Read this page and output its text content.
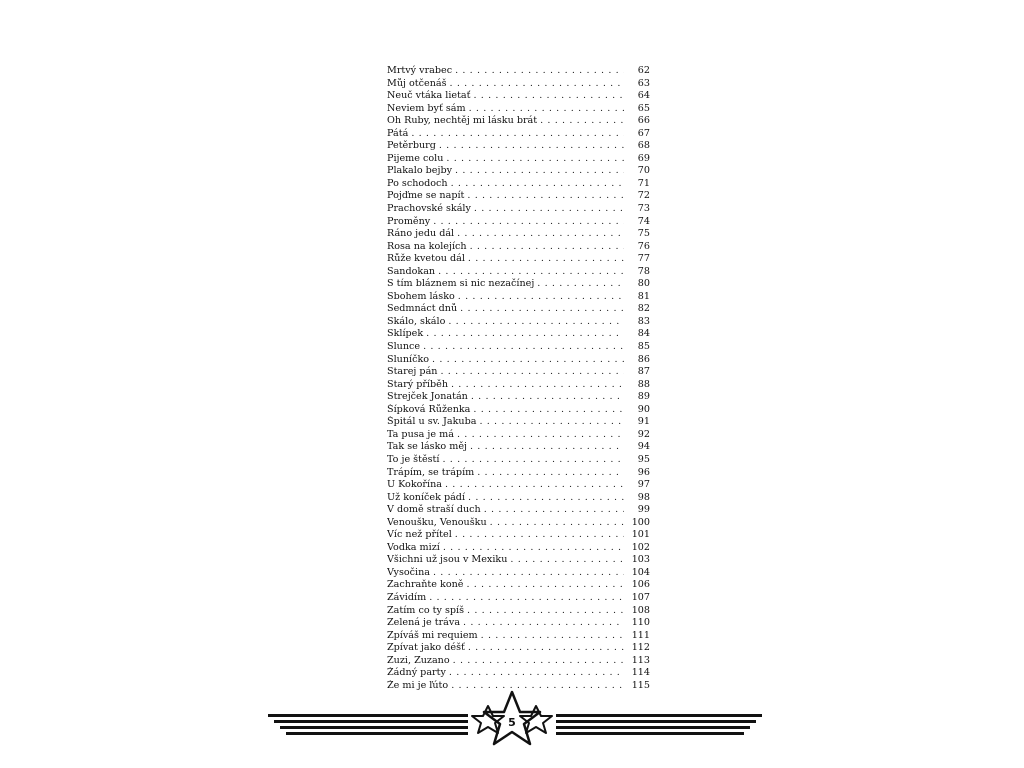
Mrtvý vrabec . . .	62
Můj otčenáš . . .	63
Neuč vtáka lietať . . .	64
Neviem byť sám . . .	65
Oh Ruby, nechtěj mi lásku brát . . .	66
Pátá . . .	67
Petěrburg . . .	68
Pijeme colu . . .	69
Plakalo bejby . . .	70
Po schodoch . . .	71
Pojďme se napít . . .	72
Prachovské skály . . .	73
Proměny . . .	74
Ráno jedu dál . . .	75
Rosa na kolejích . . .	76
Růže kvetou dál . . .	77
Sandokan . . .	78
S tím bláznem si nic nezačínej . . .	80
Sbohem lásko . . .	81
Sedmnáct dnů . . .	82
Skálo, skálo . . .	83
Sklípek . . .	84
Slunce . . .	85
Sluníčko . . .	86
Starej pán . . .	87
Starý příběh . . .	88
Strejček Jonatán . . .	89
Šípková Růženka . . .	90
Špitál u sv. Jakuba . . .	91
Ta pusa je má . . .	92
Tak se lásko měj . . .	94
To je štěstí . . .	95
Trápím, se trápím . . .	96
U Kokořína . . .	97
Už koníček pádí . . .	98
V domě straší duch . . .	99
Venoušku, Venoušku . . .	100
Víc než přítel . . .	101
Vodka mizí . . .	102
Všichni už jsou v Mexiku . . .	103
Vysočina . . .	104
Zachraňte koně . . .	106
Závidím . . .	107
Zatím co ty spíš . . .	108
Zelená je tráva . . .	110
Zpíváš mi requiem . . .	111
Zpívat jako déšť . . .	112
Zuzi, Zuzano . . .	113
Žádný party . . .	114
Že mi je ľúto . . .	115
5
